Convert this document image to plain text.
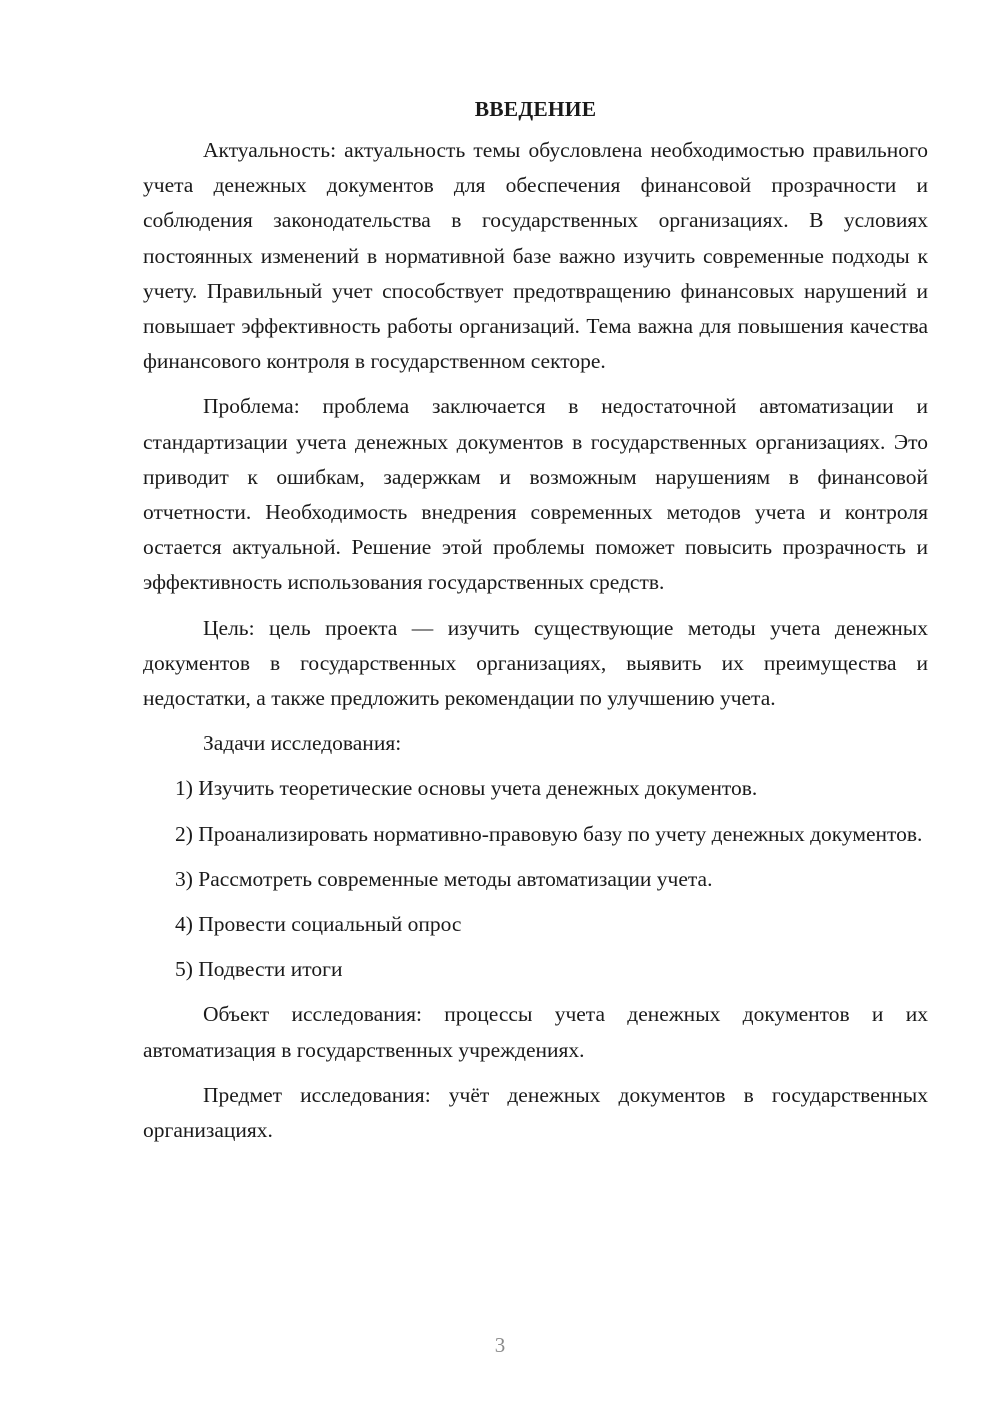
ВВЕДЕНИЕ

Актуальность: актуальность темы обусловлена необходимостью правильного учета денежных документов для обеспечения финансовой прозрачности и соблюдения законодательства в государственных организациях. В условиях постоянных изменений в нормативной базе важно изучить современные подходы к учету. Правильный учет способствует предотвращению финансовых нарушений и повышает эффективность работы организаций. Тема важна для повышения качества финансового контроля в государственном секторе.

Проблема: проблема заключается в недостаточной автоматизации и стандартизации учета денежных документов в государственных организациях. Это приводит к ошибкам, задержкам и возможным нарушениям в финансовой отчетности. Необходимость внедрения современных методов учета и контроля остается актуальной. Решение этой проблемы поможет повысить прозрачность и эффективность использования государственных средств.

Цель: цель проекта — изучить существующие методы учета денежных документов в государственных организациях, выявить их преимущества и недостатки, а также предложить рекомендации по улучшению учета.

Задачи исследования:

1) Изучить теоретические основы учета денежных документов.

2) Проанализировать нормативно-правовую базу по учету денежных документов.

3) Рассмотреть современные методы автоматизации учета.

4) Провести социальный опрос

5) Подвести итоги

Объект исследования: процессы учета денежных документов и их автоматизация в государственных учреждениях.

Предмет исследования: учёт денежных документов в государственных организациях.

3
